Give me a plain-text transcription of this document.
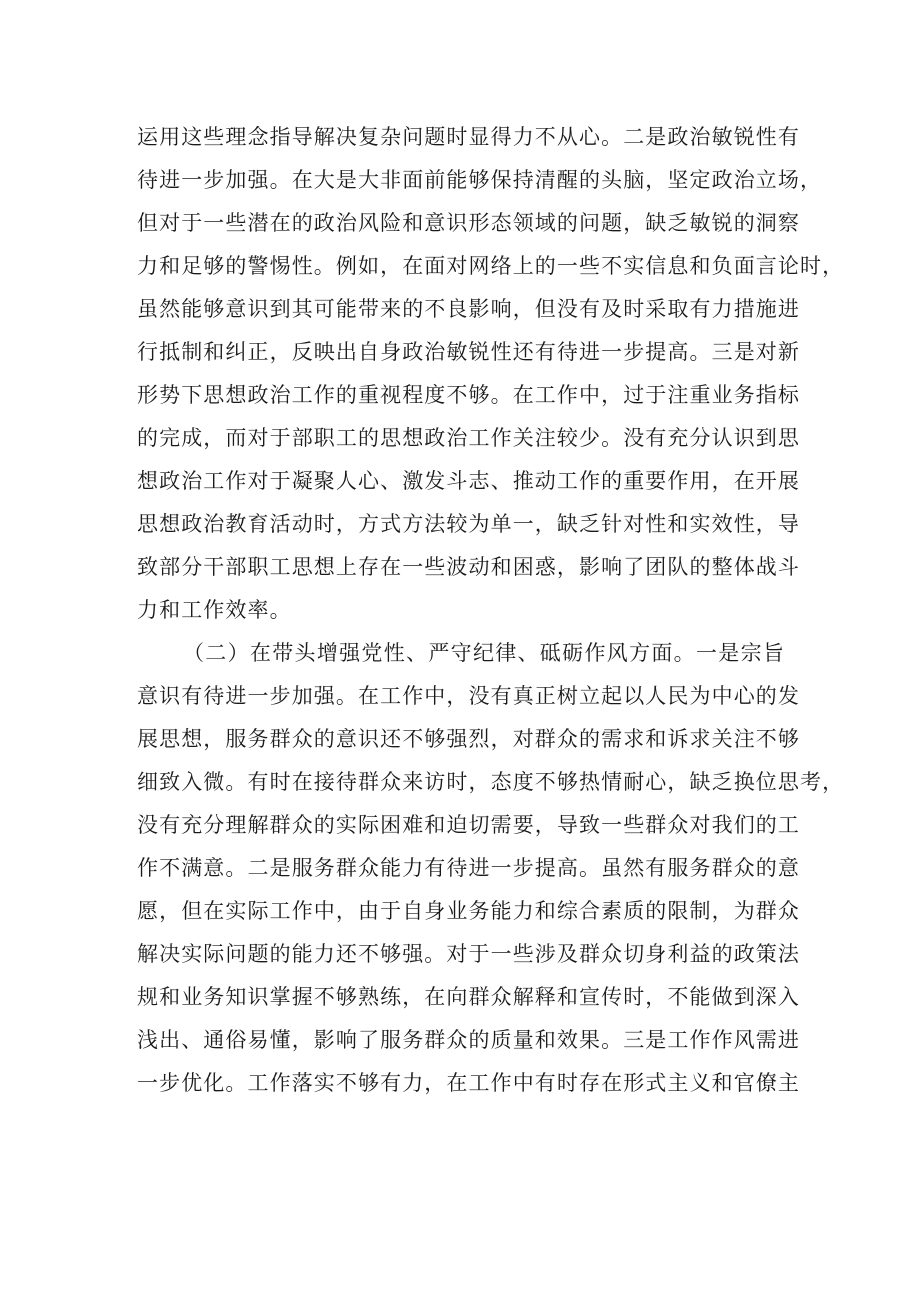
运用这些理念指导解决复杂问题时显得力不从心。二是政治敏锐性有
待进一步加强。在大是大非面前能够保持清醒的头脑，坚定政治立场，
但对于一些潜在的政治风险和意识形态领域的问题，缺乏敏锐的洞察
力和足够的警惕性。例如，在面对网络上的一些不实信息和负面言论时，
虽然能够意识到其可能带来的不良影响，但没有及时采取有力措施进
行抵制和纠正，反映出自身政治敏锐性还有待进一步提高。三是对新
形势下思想政治工作的重视程度不够。在工作中，过于注重业务指标
的完成，而对于部职工的思想政治工作关注较少。没有充分认识到思
想政治工作对于凝聚人心、激发斗志、推动工作的重要作用，在开展
思想政治教育活动时，方式方法较为单一，缺乏针对性和实效性，导
致部分干部职工思想上存在一些波动和困惑，影响了团队的整体战斗
力和工作效率。
（二）在带头增强党性、严守纪律、砥砺作风方面。一是宗旨
意识有待进一步加强。在工作中，没有真正树立起以人民为中心的发
展思想，服务群众的意识还不够强烈，对群众的需求和诉求关注不够
细致入微。有时在接待群众来访时，态度不够热情耐心，缺乏换位思考，
没有充分理解群众的实际困难和迫切需要，导致一些群众对我们的工
作不满意。二是服务群众能力有待进一步提高。虽然有服务群众的意
愿，但在实际工作中，由于自身业务能力和综合素质的限制，为群众
解决实际问题的能力还不够强。对于一些涉及群众切身利益的政策法
规和业务知识掌握不够熟练，在向群众解释和宣传时，不能做到深入
浅出、通俗易懂，影响了服务群众的质量和效果。三是工作作风需进
一步优化。工作落实不够有力，在工作中有时存在形式主义和官僚主
